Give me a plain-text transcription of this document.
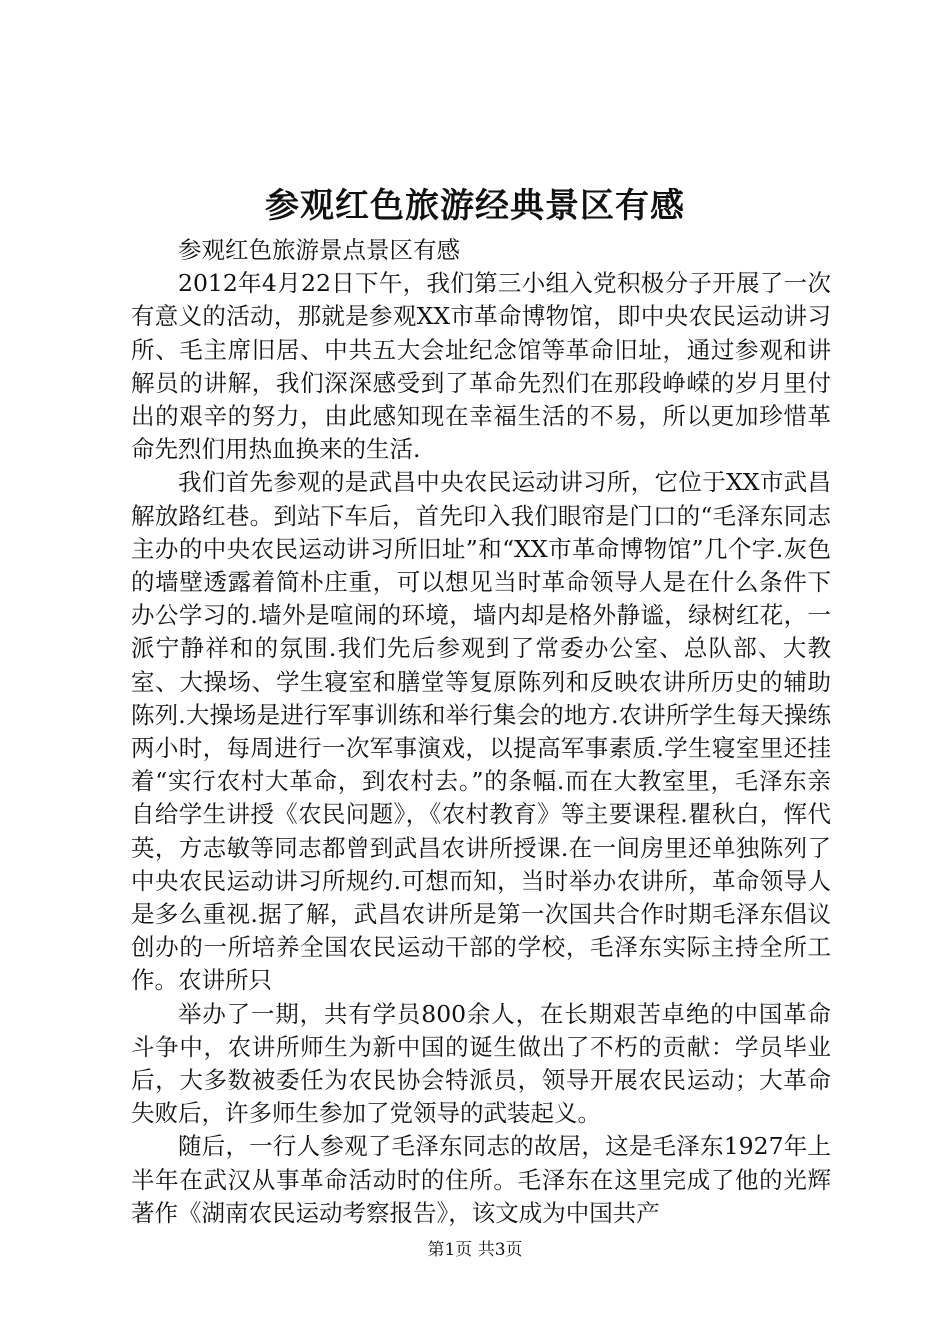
参观红色旅游经典景区有感

参观红色旅游景点景区有感

2012年4月22日下午，我们第三小组入党积极分子开展了一次有意义的活动，那就是参观XX市革命博物馆，即中央农民运动讲习所、毛主席旧居、中共五大会址纪念馆等革命旧址，通过参观和讲解员的讲解，我们深深感受到了革命先烈们在那段峥嵘的岁月里付出的艰辛的努力，由此感知现在幸福生活的不易，所以更加珍惜革命先烈们用热血换来的生活.

我们首先参观的是武昌中央农民运动讲习所，它位于XX市武昌解放路红巷。到站下车后，首先印入我们眼帘是门口的“毛泽东同志主办的中央农民运动讲习所旧址”和“XX市革命博物馆”几个字.灰色的墙壁透露着简朴庄重，可以想见当时革命领导人是在什么条件下办公学习的.墙外是喧闹的环境，墙内却是格外静谧，绿树红花，一派宁静祥和的氛围.我们先后参观到了常委办公室、总队部、大教室、大操场、学生寝室和膳堂等复原陈列和反映农讲所历史的辅助陈列.大操场是进行军事训练和举行集会的地方.农讲所学生每天操练两小时，每周进行一次军事演戏，以提高军事素质.学生寝室里还挂着“实行农村大革命，到农村去。”的条幅.而在大教室里，毛泽东亲自给学生讲授《农民问题》，《农村教育》等主要课程.瞿秋白，恽代英，方志敏等同志都曾到武昌农讲所授课.在一间房里还单独陈列了中央农民运动讲习所规约.可想而知，当时举办农讲所，革命领导人是多么重视.据了解，武昌农讲所是第一次国共合作时期毛泽东倡议创办的一所培养全国农民运动干部的学校，毛泽东实际主持全所工作。农讲所只

举办了一期，共有学员800余人，在长期艰苦卓绝的中国革命斗争中，农讲所师生为新中国的诞生做出了不朽的贡献：学员毕业后，大多数被委任为农民协会特派员，领导开展农民运动；大革命失败后，许多师生参加了党领导的武装起义。

随后，一行人参观了毛泽东同志的故居，这是毛泽东1927年上半年在武汉从事革命活动时的住所。毛泽东在这里完成了他的光辉著作《湖南农民运动考察报告》，该文成为中国共产

第1页 共3页
